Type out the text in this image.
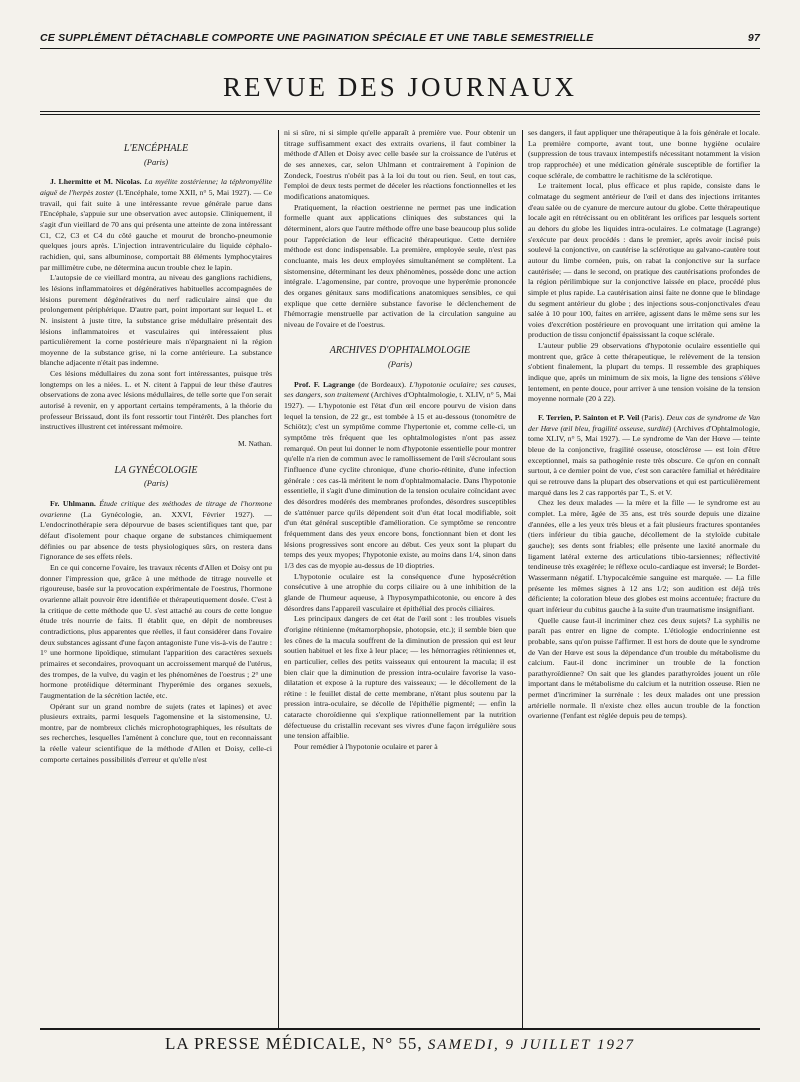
CE SUPPLÉMENT DÉTACHABLE COMPORTE UNE PAGINATION SPÉCIALE ET UNE TABLE SEMESTRIELLE	97
REVUE DES JOURNAUX
L'ENCÉPHALE
(Paris)

J. Lhermitte et M. Nicolas. La myélite zostérienne; la téphromyélite aiguë de l'herpès zoster (L'Encéphale, tome XXII, n° 5, Mai 1927). — Ce travail, qui fait suite à une intéressante revue générale parue dans l'Encéphale, s'appuie sur une observation avec autopsie. Cliniquement, il s'agit d'un vieillard de 70 ans qui présenta une atteinte de zona intéressant C1, C2, C3 et C4 du côté gauche et mourut de broncho-pneumonie quelques jours après. L'injection intraventriculaire du liquide céphalo-rachidien, qui, sans albuminose, comportait 88 éléments lymphocytaires par millimètre cube, ne détermina aucun trouble chez le lapin.

L'autopsie de ce vieillard montra, au niveau des ganglions rachidiens, les lésions inflammatoires et dégénératives habituelles accompagnées de lésions purement dégénératives du nerf radiculaire ainsi que du prolongement périphérique. D'autre part, point important sur lequel L. et N. insistent à juste titre, la substance grise médullaire présentait des lésions inflammatoires et vasculaires qui intéressaient plus particulièrement la corne postérieure mais n'épargnaient ni la région moyenne de la substance grise, ni la corne antérieure. La substance blanche adjacente n'était pas indemne.

Ces lésions médullaires du zona sont fort intéressantes, puisque très longtemps on les a niées. L. et N. citent à l'appui de leur thèse d'autres observations de zona avec lésions médullaires, de telle sorte que l'on serait autorisé à revenir, en y apportant certains tempéraments, à la théorie du professeur Brissaud, dont ils font ressortir tout l'intérêt. Des planches fort instructives illustrent cet intéressant mémoire.

M. Nathan.
LA GYNÉCOLOGIE
(Paris)

Fr. Uhlmann. Étude critique des méthodes de titrage de l'hormone ovarienne (La Gynécologie, an. XXVI, Février 1927). — L'endocrinothérapie sera dépourvue de bases scientifiques tant que, par défaut d'isolement pour chaque organe de substances chimiquement définies ou par absence de tests physiologiques sûrs, on restera dans l'ignorance de ses effets réels.

En ce qui concerne l'ovaire, les travaux récents d'Allen et Doisy ont pu donner l'impression que, grâce à une méthode de titrage nouvelle et rigoureuse, basée sur la provocation expérimentale de l'oestrus, l'hormone ovarienne allait pouvoir être identifiée et thérapeutiquement dosée. C'est à la critique de cette méthode que U. s'est attaché au cours de cette longue étude très nourrie de faits. Il établit que, en dépit de nombreuses contradictions, plus apparentes que réelles, il faut considérer dans l'ovaire deux substances agissant d'une façon antagoniste l'une vis-à-vis de l'autre : 1° une hormone lipoïdique, stimulant l'apparition des caractères sexuels primaires et secondaires, provoquant un accroissement marqué de l'utérus, des trompes, de la vulve, du vagin et les phénomènes de l'oestrus ; 2° une hormone protéidique déterminant l'hyperémie des organes sexuels, l'augmentation de la sécrétion lactée, etc.

Opérant sur un grand nombre de sujets (rates et lapines) et avec plusieurs extraits, parmi lesquels l'agomensine et la sistomensine, U. montre, par de nombreux clichés microphotographiques, les résultats de ses recherches, lesquelles l'amènent à conclure que, tout en reconnaissant la réelle valeur scientifique de la méthode d'Allen et Doisy, celle-ci comporte certaines possibilités d'erreur et qu'elle n'est

ni si sûre, ni si simple qu'elle apparaît à première vue. Pour obtenir un titrage suffisamment exact des extraits ovariens, il faut combiner la méthode d'Allen et Doisy avec celle basée sur la croissance de l'utérus et de ses annexes, car, selon Uhlmann et contrairement à l'opinion de Zondeck, l'oestrus n'obéit pas à la loi du tout ou rien. Seul, en tout cas, l'emploi de deux tests permet de déceler les réactions fonctionnelles et les modifications anatomiques.

Pratiquement, la réaction oestrienne ne permet pas une indication formelle quant aux applications cliniques des substances qui la déterminent, alors que l'autre méthode offre une base beaucoup plus solide pour l'appréciation de leur efficacité thérapeutique. Cette dernière méthode est donc indispensable. La première, employée seule, n'est pas concluante, mais les deux employées simultanément se complètent. La sistomensine, déterminant les deux phénomènes, possède donc une action intégrale. L'agomensine, par contre, provoque une hyperémie prononcée des organes génitaux sans modifications anatomiques sensibles, ce qui explique que cette dernière substance favorise le déclenchement de l'hémorragie menstruelle par activation de la circulation sanguine au niveau de l'ovaire et de l'oestrus.

ARCHIVES D'OPHTALMOLOGIE
(Paris)

Prof. F. Lagrange (de Bordeaux). L'hypotonie oculaire; ses causes, ses dangers, son traitement (Archives d'Ophtalmologie, t. XLIV, n° 5, Mai 1927). — L'hypotonie est l'état d'un œil encore pourvu de vision dans lequel la tension, de 22 gr., est tombée à 15 et au-dessous (tonomètre de Schiötz); c'est un symptôme comme l'hypertonie et, comme celle-ci, un symptôme très fréquent que les ophtalmologistes n'ont pas assez remarqué. On peut lui donner le nom d'hypotonie essentielle pour montrer qu'elle n'a rien de commun avec le ramollissement de l'œil s'écroulant sous l'influence d'une cyclite chronique, d'une chorio-rétinite, d'une infection générale : ces cas-là méritent le nom d'ophtalmomalacie. Dans l'hypotonie essentielle, il s'agit d'une diminution de la tension oculaire coïncidant avec des désordres modérés des membranes profondes, désordres susceptibles de s'atténuer parce qu'ils dépendent soit d'un état local modifiable, soit d'un état général susceptible d'amélioration. Ce symptôme se rencontre fréquemment dans des yeux encore bons, fonctionnant bien et dont les lésions progressives sont encore au début. Ces yeux sont la plupart du temps des yeux myopes; l'hypotonie existe, au moins dans 1/4, sinon dans 1/3 des cas de myopie au-dessus de 10 dioptries.

L'hypotonie oculaire est la conséquence d'une hyposécrétion consécutive à une atrophie du corps ciliaire ou à une inhibition de la glande de l'humeur aqueuse, à l'hyposympathicotonie, ou encore à des désordres dans l'appareil vasculaire et épithélial des procès ciliaires.

Les principaux dangers de cet état de l'œil sont : les troubles visuels d'origine rétinienne (métamorphopsie, photopsie, etc.); il semble bien que les cônes de la macula souffrent de la diminution de pression qui est leur soutien habituel et les fixe à leur place; — les hémorragies rétiniennes et, en particulier, celles des petits vaisseaux qui entourent la macula; il est bien clair que la diminution de pression intra-oculaire favorise la vaso-dilatation et expose à la rupture des vaisseaux; — le décollement de la rétine : le feuillet distal de cette membrane, n'étant plus soutenu par la pression intra-oculaire, se décolle de l'épithélie pigmenté; — enfin la cataracte choroïdienne qui s'explique rationnellement par la nutrition défectueuse du cristallin recevant ses vivres d'une façon irrégulière sous une tension affaiblie.

Pour remédier à l'hypotonie oculaire et parer à

ses dangers, il faut appliquer une thérapeutique à la fois générale et locale. La première comporte, avant tout, une bonne hygiène oculaire (suppression de tous travaux intempestifs nécessitant notamment la vision trop rapprochée) et une médication générale susceptible de fortifier la coque sclérale, de combattre le rachitisme de la sclérotique.

Le traitement local, plus efficace et plus rapide, consiste dans le colmatage du segment antérieur de l'œil et dans des injections irritantes d'eau salée ou de cyanure de mercure autour du globe. Cette thérapeutique locale agit en rétrécissant ou en oblitérant les orifices par lesquels sortent au dehors du globe les liquides intra-oculaires. Le colmatage (Lagrange) s'exécute par deux procédés : dans le premier, après avoir incisé puis soulevé la conjonctive, on cautérise la sclérotique au galvano-cautère tout autour du limbe cornéen, puis, on rabat la conjonctive sur la surface cautérisée; — dans le second, on pratique des cautérisations profondes de la région périlimbique sur la conjonctive laissée en place, procédé plus simple et plus rapide. La cautérisation ainsi faite ne donne que le blindage du segment antérieur du globe ; des injections sous-conjonctivales d'eau salée à 10 pour 100, faites en arrière, agissent dans le même sens sur les voies d'excrétion postérieure en provoquant une irritation qui amène la production de tissu conjonctif épaississant la coque sclérale.

L'auteur publie 29 observations d'hypotonie oculaire essentielle qui montrent que, grâce à cette thérapeutique, le relèvement de la tension s'obtient finalement, la plupart du temps. Il ressemble des graphiques indique que, après un minimum de six mois, la ligne des tensions s'élève lentement, en pente douce, pour arriver à une tension voisine de la tension moyenne normale (20 à 22).

F. Terrien, P. Sainton et P. Veil (Paris). Deux cas de syndrome de Van der Hœve (œil bleu, fragilité osseuse, surdité) (Archives d'Ophtalmologie, tome XLIV, n° 5, Mai 1927). — Le syndrome de Van der Hœve — teinte bleue de la conjonctive, fragilité osseuse, otosclérose — est loin d'être exceptionnel, mais sa pathogénie reste très obscure. Ce qu'on en connaît surtout, à ce dernier point de vue, c'est son caractère familial et héréditaire qui se retrouve dans la plupart des observations et qui est particulièrement marqué dans les 2 cas rapportés par T., S. et V.

Chez les deux malades — la mère et la fille — le syndrome est au complet. La mère, âgée de 35 ans, est très sourde depuis une dizaine d'années, elle a les yeux très bleus et a fait plusieurs fractures spontanées (tiers inférieur du tibia gauche, décollement de la styloïde cubitale gauche); ses dents sont friables; elle présente une laxité anormale du ligament latéral externe des articulations tibio-tarsiennes; réflectivité tendineuse très exagérée; le réflexe oculo-cardiaque est inversé; le Bordet-Wassermann négatif. L'hypocalcémie sanguine est marquée. — La fille présente les mêmes signes à 12 ans 1/2; son audition est déjà très déficiente; la coloration bleue des globes est moins accentuée; fracture du quart inférieur du cubitus gauche à la suite d'un traumatisme insignifiant.

Quelle cause faut-il incriminer chez ces deux sujets? La syphilis ne paraît pas entrer en ligne de compte. L'étiologie endocrinienne est probable, sans qu'on puisse l'affirmer. Il est hors de doute que le syndrome de Van der Hœve est sous la dépendance d'un trouble du métabolisme du calcium. Faut-il donc incriminer un trouble de la fonction parathyroïdienne? On sait que les glandes parathyroïdes jouent un rôle important dans le métabolisme du calcium et la nutrition osseuse. Rien ne permet d'incriminer la surrénale : les deux malades ont une pression artérielle normale. Il n'existe chez elles aucun trouble de la fonction ovarienne (l'enfant est réglée depuis peu de temps).

LA PRESSE MÉDICALE, N° 55, SAMEDI, 9 JUILLET 1927
